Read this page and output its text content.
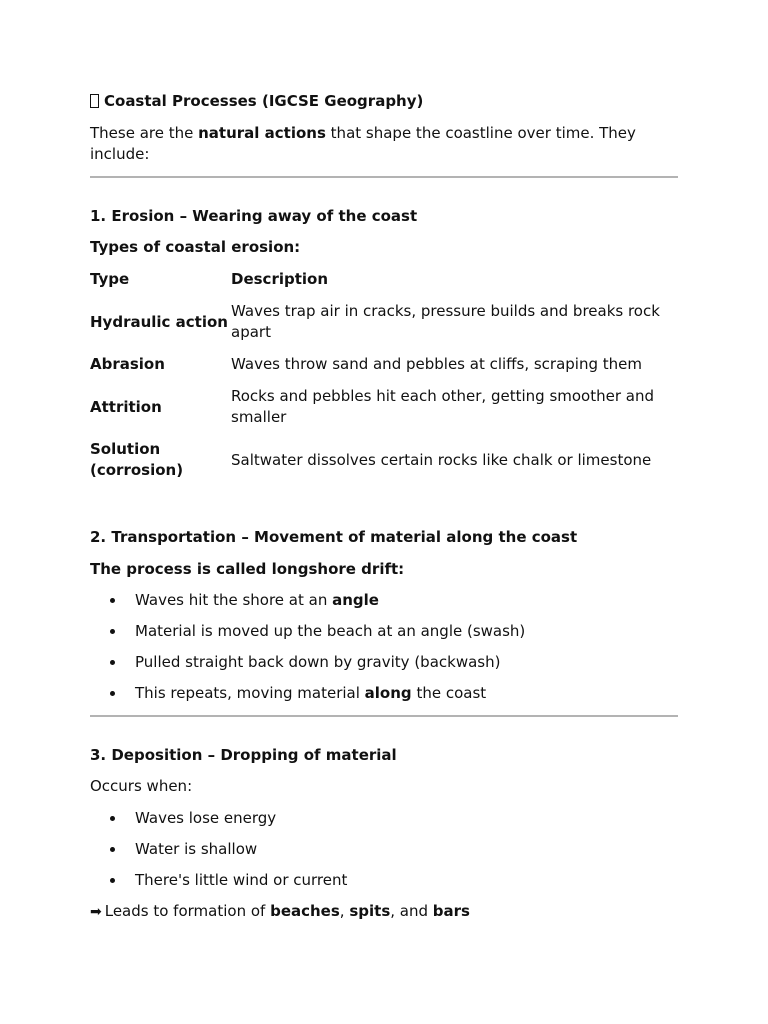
Coastal Processes (IGCSE Geography)

These are the natural actions that shape the coastline over time. They include:

1. Erosion – Wearing away of the coast

Types of coastal erosion:

Type	Description
Hydraulic action	Waves trap air in cracks, pressure builds and breaks rock apart
Abrasion	Waves throw sand and pebbles at cliffs, scraping them
Attrition	Rocks and pebbles hit each other, getting smoother and smaller
Solution (corrosion)	Saltwater dissolves certain rocks like chalk or limestone

2. Transportation – Movement of material along the coast

The process is called longshore drift:

Waves hit the shore at an angle
Material is moved up the beach at an angle (swash)
Pulled straight back down by gravity (backwash)
This repeats, moving material along the coast

3. Deposition – Dropping of material

Occurs when:

Waves lose energy
Water is shallow
There's little wind or current

➡ Leads to formation of beaches, spits, and bars
